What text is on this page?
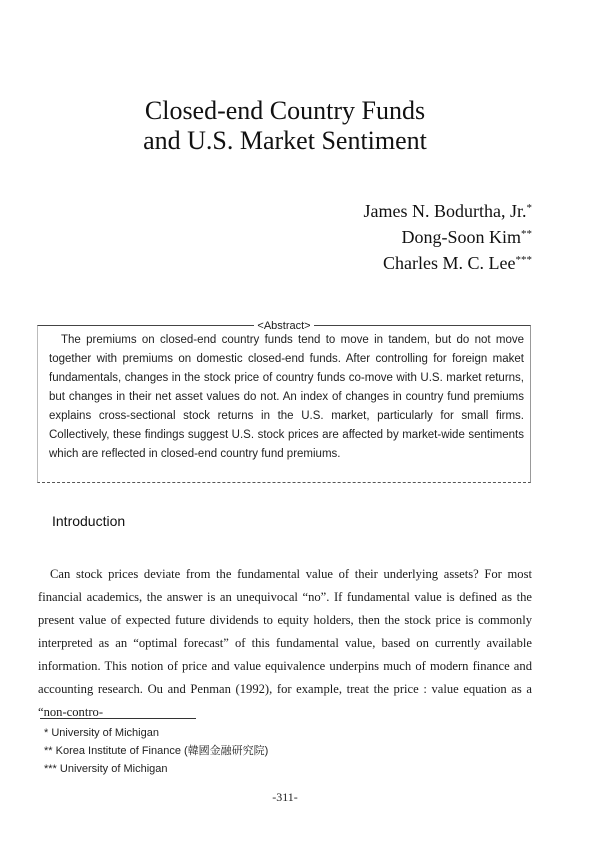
Closed-end Country Funds
and U.S. Market Sentiment
James N. Bodurtha, Jr.*
Dong-Soon Kim**
Charles M. C. Lee***
<Abstract>
The premiums on closed-end country funds tend to move in tandem, but do not move together with premiums on domestic closed-end funds. After controlling for foreign maket fundamentals, changes in the stock price of country funds co-move with U.S. market returns, but changes in their net asset values do not. An index of changes in country fund premiums explains cross-sectional stock returns in the U.S. market, particularly for small firms. Collectively, these findings suggest U.S. stock prices are affected by market-wide sentiments which are reflected in closed-end country fund premiums.
Introduction
Can stock prices deviate from the fundamental value of their underlying assets? For most financial academics, the answer is an unequivocal “no”. If fundamental value is defined as the present value of expected future dividends to equity holders, then the stock price is commonly interpreted as an “optimal forecast” of this fundamental value, based on currently available information. This notion of price and value equivalence underpins much of modern finance and accounting research. Ou and Penman (1992), for example, treat the price : value equation as a “non-contro-
* University of Michigan
** Korea Institute of Finance (韓國金融研究院)
*** University of Michigan
-311-
